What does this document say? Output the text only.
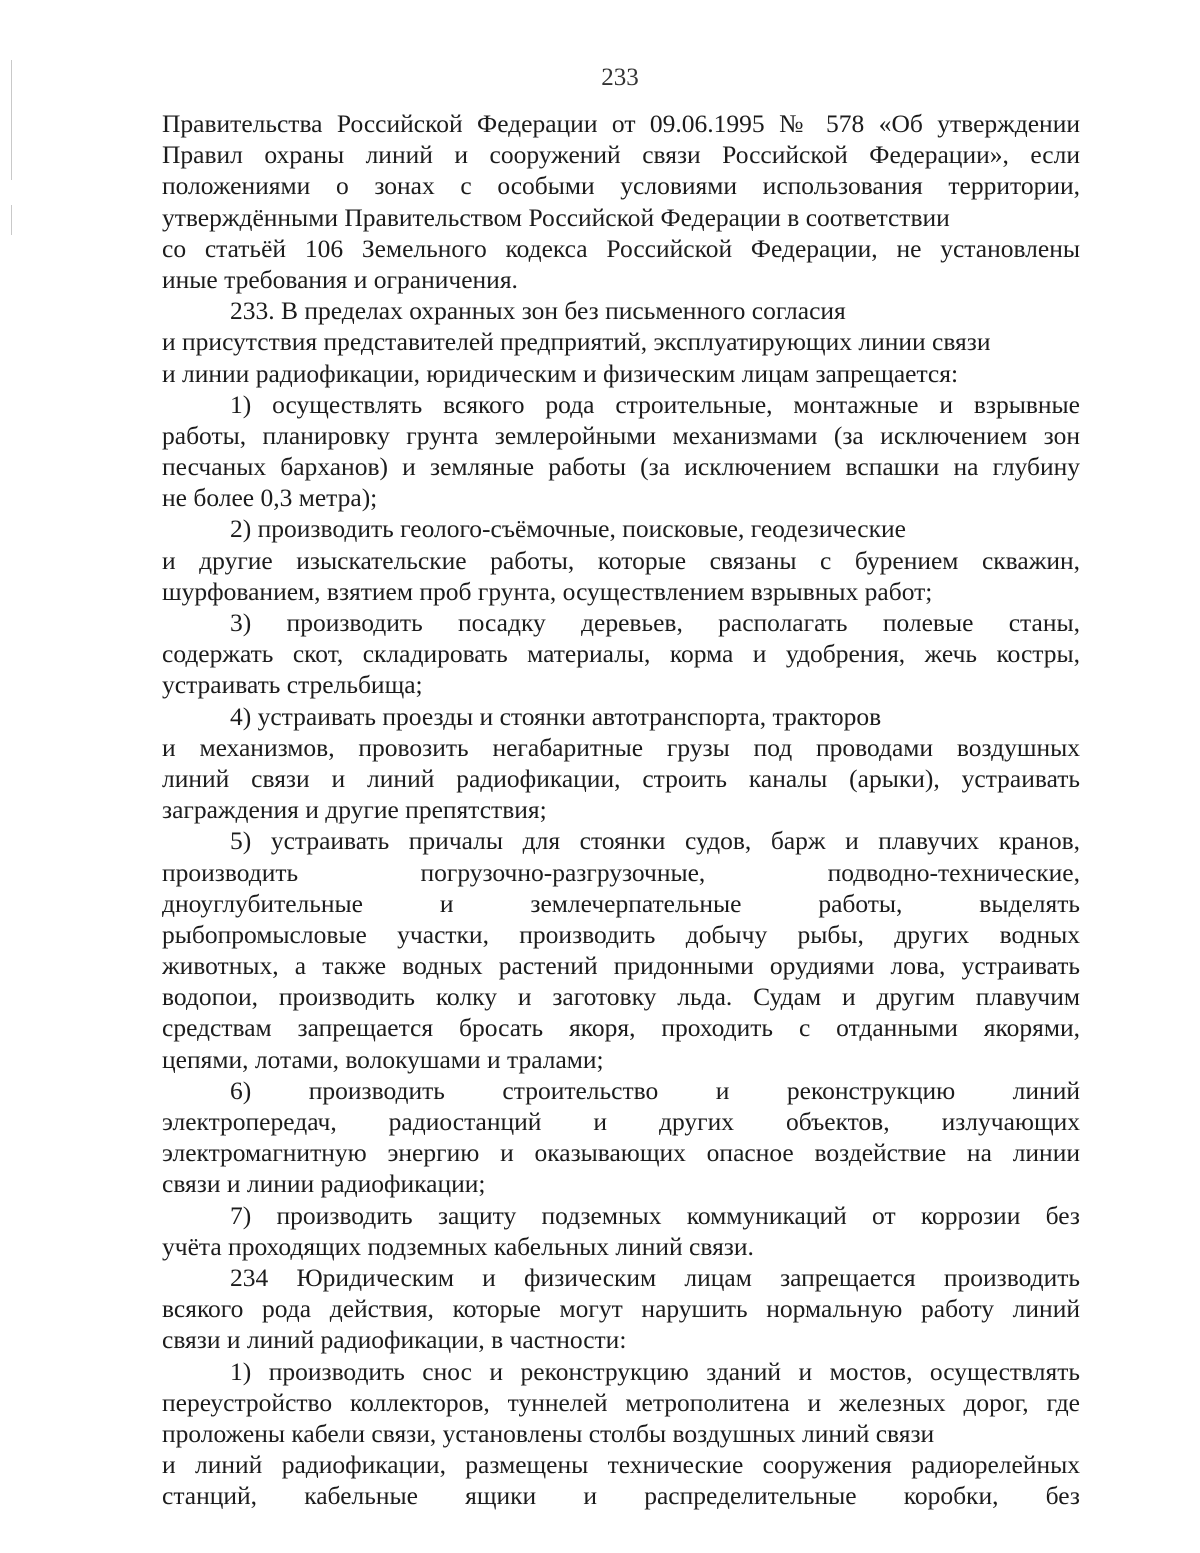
233
Правительства Российской Федерации от 09.06.1995 № 578 «Об утверждении
Правил охраны линий и сооружений связи Российской Федерации», если
положениями о зонах с особыми условиями использования территории,
утверждёнными Правительством Российской Федерации в соответствии
со статьёй 106 Земельного кодекса Российской Федерации, не установлены
иные требования и ограничения.
233. В пределах охранных зон без письменного согласия
и присутствия представителей предприятий, эксплуатирующих линии связи
и линии радиофикации, юридическим и физическим лицам запрещается:
1) осуществлять всякого рода строительные, монтажные и взрывные
работы, планировку грунта землеройными механизмами (за исключением зон
песчаных барханов) и земляные работы (за исключением вспашки на глубину
не более 0,3 метра);
2) производить геолого-съёмочные, поисковые, геодезические
и другие изыскательские работы, которые связаны с бурением скважин,
шурфованием, взятием проб грунта, осуществлением взрывных работ;
3) производить посадку деревьев, располагать полевые станы,
содержать скот, складировать материалы, корма и удобрения, жечь костры,
устраивать стрельбища;
4) устраивать проезды и стоянки автотранспорта, тракторов
и механизмов, провозить негабаритные грузы под проводами воздушных
линий связи и линий радиофикации, строить каналы (арыки), устраивать
заграждения и другие препятствия;
5) устраивать причалы для стоянки судов, барж и плавучих кранов,
производить погрузочно-разгрузочные, подводно-технические,
дноуглубительные и землечерпательные работы, выделять
рыбопромысловые участки, производить добычу рыбы, других водных
животных, а также водных растений придонными орудиями лова, устраивать
водопои, производить колку и заготовку льда. Судам и другим плавучим
средствам запрещается бросать якоря, проходить с отданными якорями,
цепями, лотами, волокушами и тралами;
6) производить строительство и реконструкцию линий
электропередач, радиостанций и других объектов, излучающих
электромагнитную энергию и оказывающих опасное воздействие на линии
связи и линии радиофикации;
7) производить защиту подземных коммуникаций от коррозии без
учёта проходящих подземных кабельных линий связи.
234 Юридическим и физическим лицам запрещается производить
всякого рода действия, которые могут нарушить нормальную работу линий
связи и линий радиофикации, в частности:
1) производить снос и реконструкцию зданий и мостов, осуществлять
переустройство коллекторов, туннелей метрополитена и железных дорог, где
проложены кабели связи, установлены столбы воздушных линий связи
и линий радиофикации, размещены технические сооружения радиорелейных
станций, кабельные ящики и распределительные коробки, без
